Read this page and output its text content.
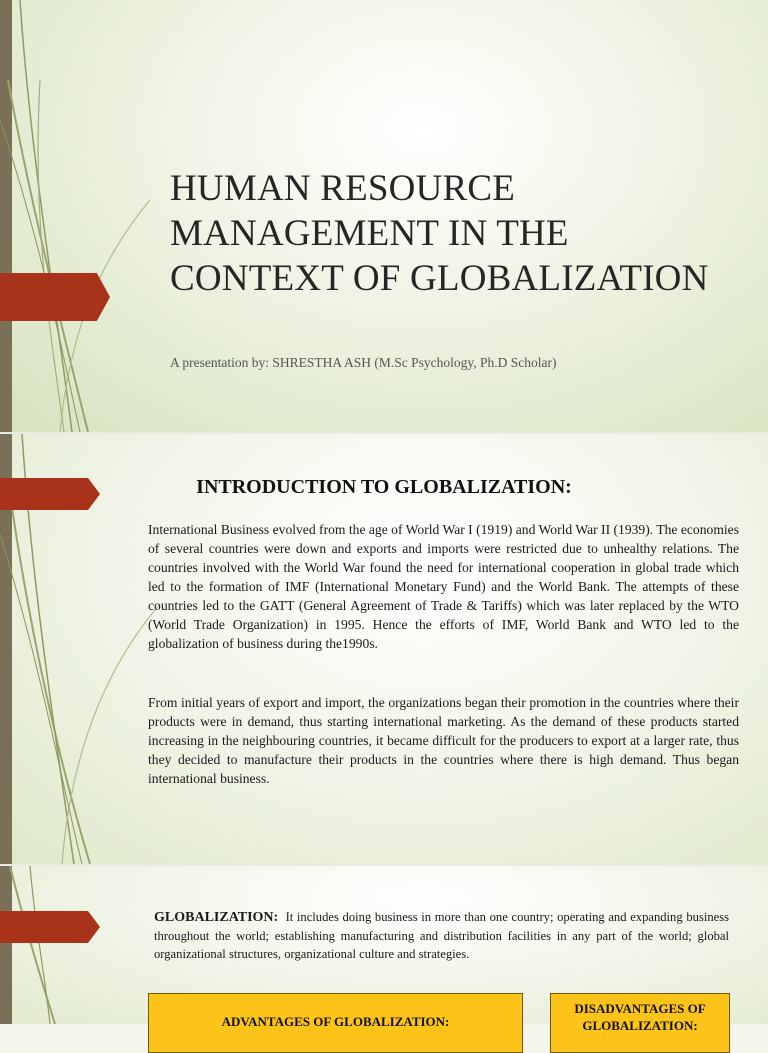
HUMAN RESOURCE MANAGEMENT IN THE CONTEXT OF GLOBALIZATION

A presentation by: SHRESTHA ASH (M.Sc Psychology, Ph.D Scholar)

INTRODUCTION TO GLOBALIZATION:

International Business evolved from the age of World War I (1919) and World War II (1939). The economies of several countries were down and exports and imports were restricted due to unhealthy relations. The countries involved with the World War found the need for international cooperation in global trade which led to the formation of IMF (International Monetary Fund) and the World Bank. The attempts of these countries led to the GATT (General Agreement of Trade & Tariffs) which was later replaced by the WTO (World Trade Organization) in 1995. Hence the efforts of IMF, World Bank and WTO led to the globalization of business during the1990s.

From initial years of export and import, the organizations began their promotion in the countries where their products were in demand, thus starting international marketing. As the demand of these products started increasing in the neighbouring countries, it became difficult for the producers to export at a larger rate, thus they decided to manufacture their products in the countries where there is high demand. Thus began international business.

GLOBALIZATION: It includes doing business in more than one country; operating and expanding business throughout the world; establishing manufacturing and distribution facilities in any part of the world; global organizational structures, organizational culture and strategies.

ADVANTAGES OF GLOBALIZATION:
DISADVANTAGES OF GLOBALIZATION:
